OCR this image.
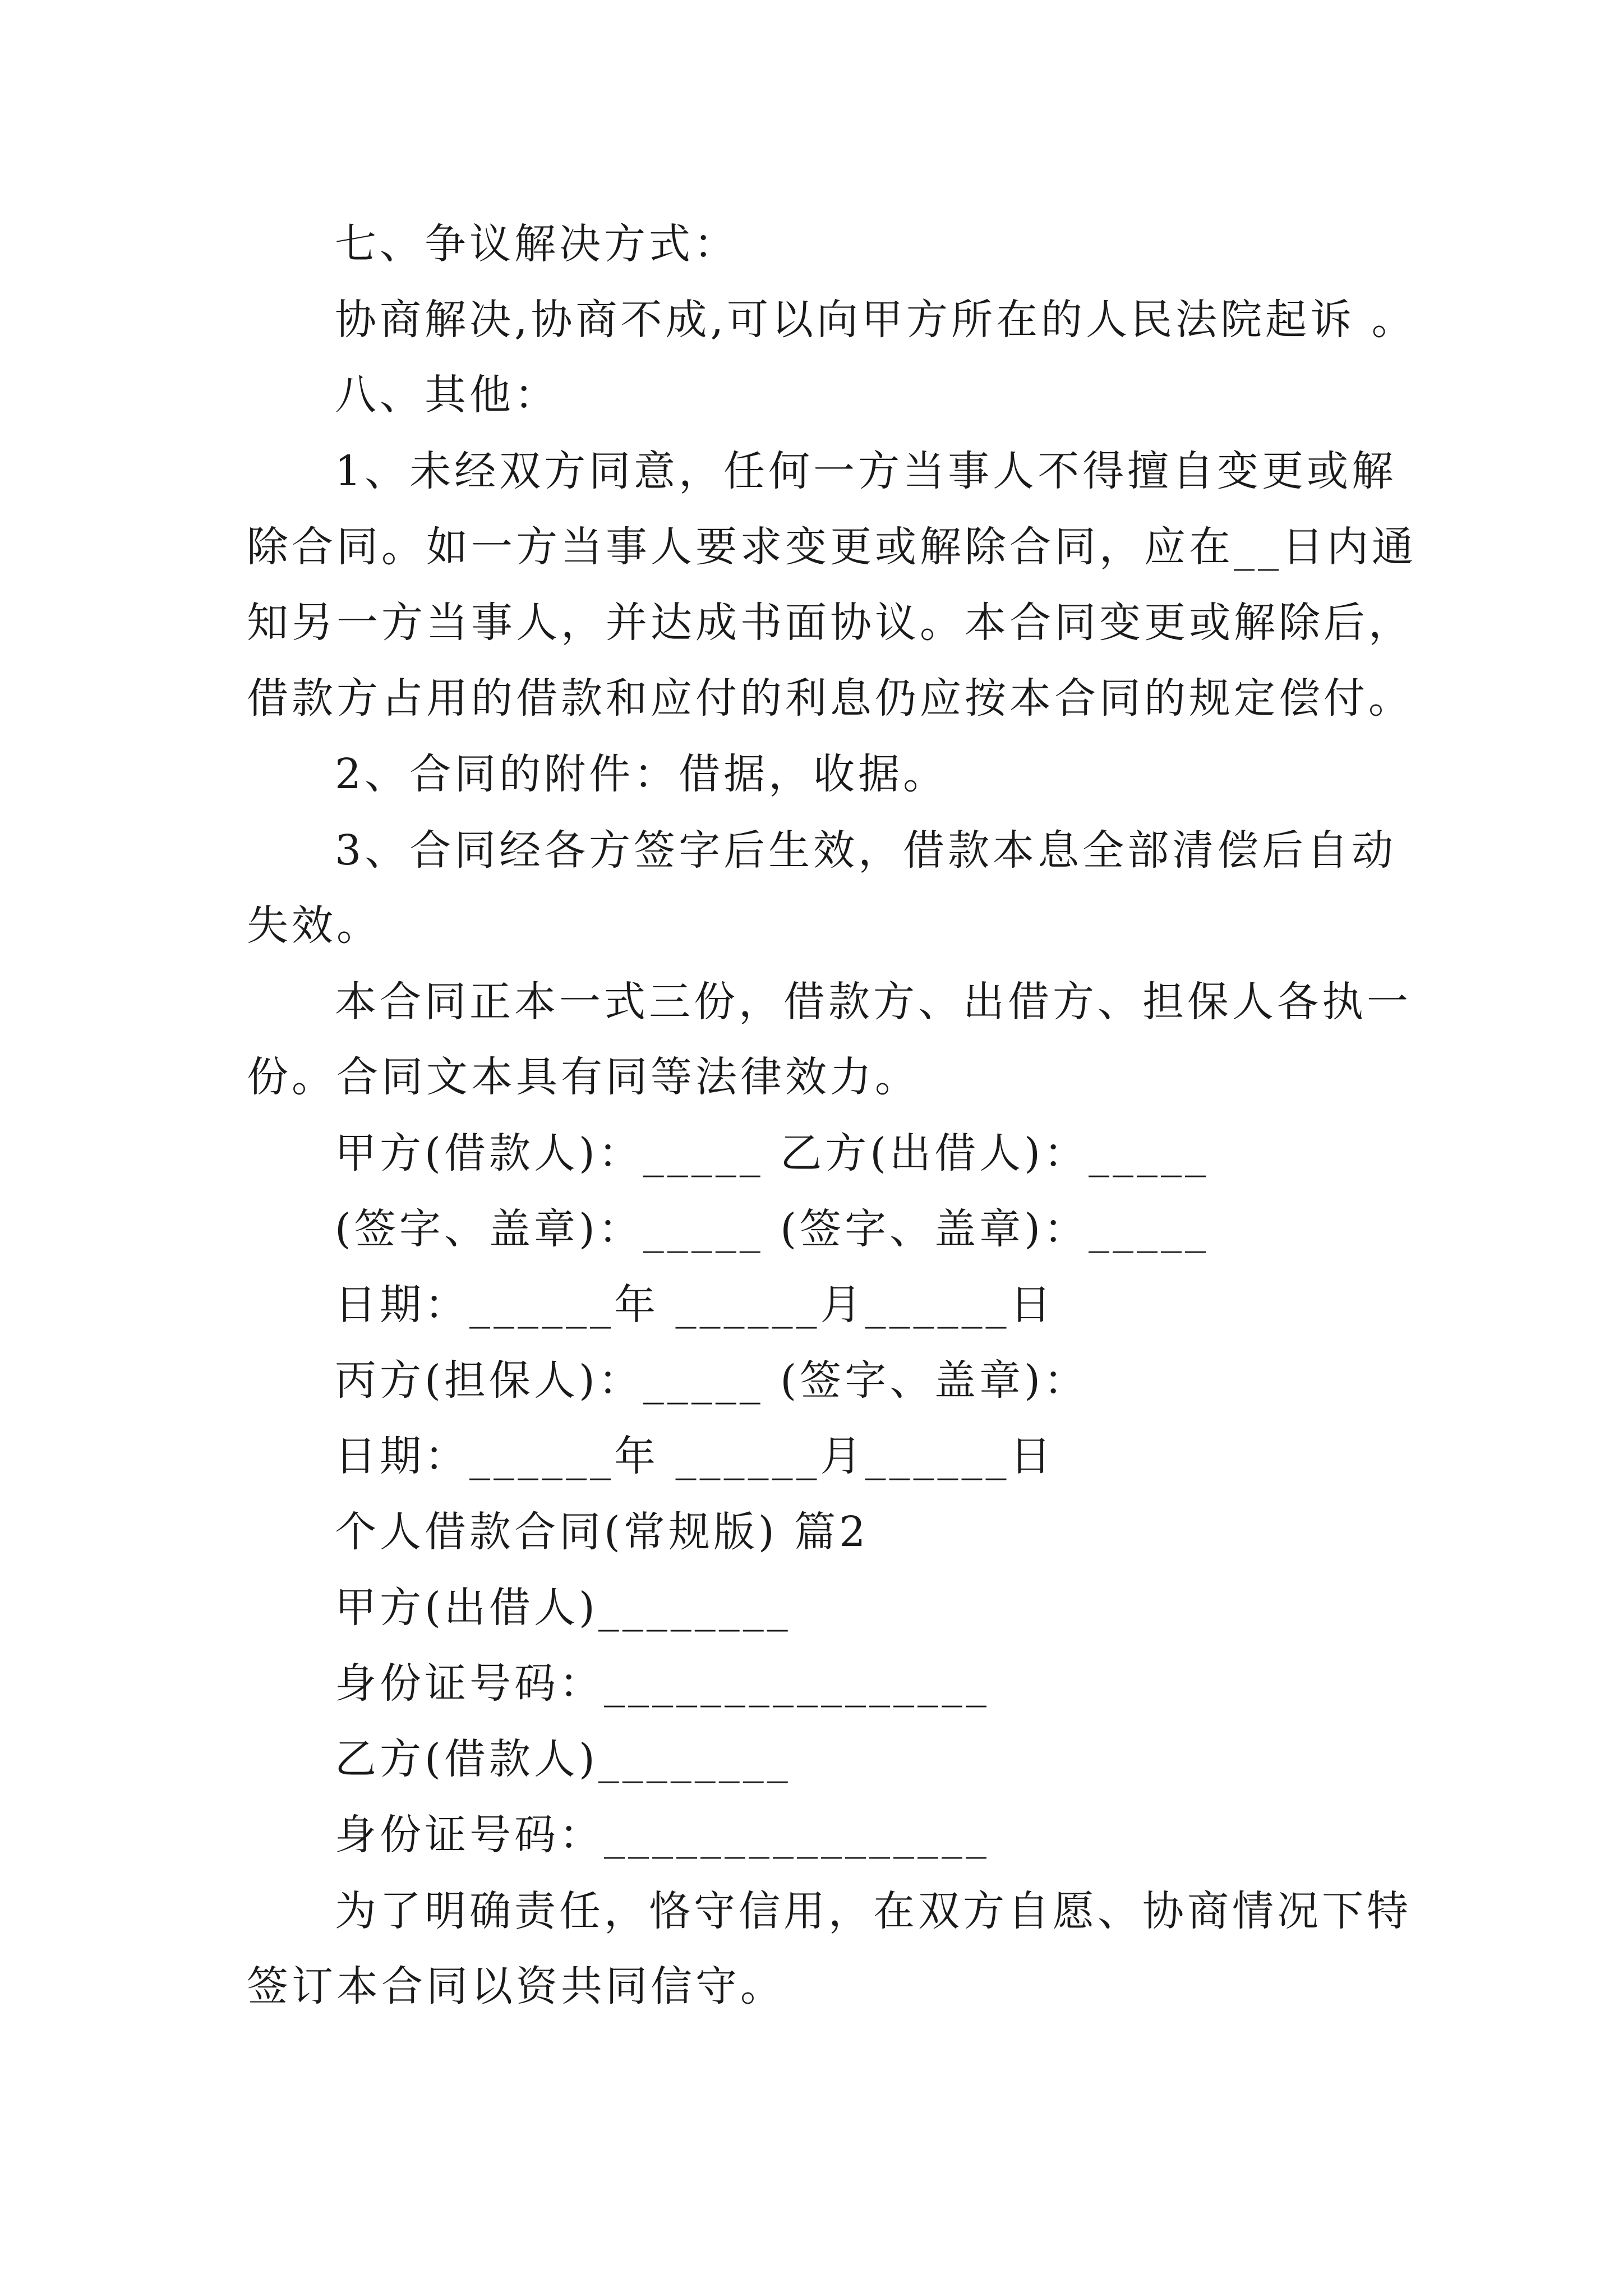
七、争议解决方式：
协商解决,协商不成,可以向甲方所在的人民法院起诉 。
八、其他：
1、未经双方同意，任何一方当事人不得擅自变更或解
除合同。如一方当事人要求变更或解除合同，应在__日内通
知另一方当事人，并达成书面协议。本合同变更或解除后，
借款方占用的借款和应付的利息仍应按本合同的规定偿付。
2、合同的附件：借据，收据。
3、合同经各方签字后生效，借款本息全部清偿后自动
失效。
本合同正本一式三份，借款方、出借方、担保人各执一
份。合同文本具有同等法律效力。
甲方(借款人)：_____ 乙方(出借人)：_____
(签字、盖章)：_____ (签字、盖章)：_____
日期：______年 ______月______日
丙方(担保人)：_____ (签字、盖章)：
日期：______年 ______月______日
个人借款合同(常规版) 篇2
甲方(出借人)________
身份证号码：________________
乙方(借款人)________
身份证号码：________________
为了明确责任，恪守信用，在双方自愿、协商情况下特
签订本合同以资共同信守。
